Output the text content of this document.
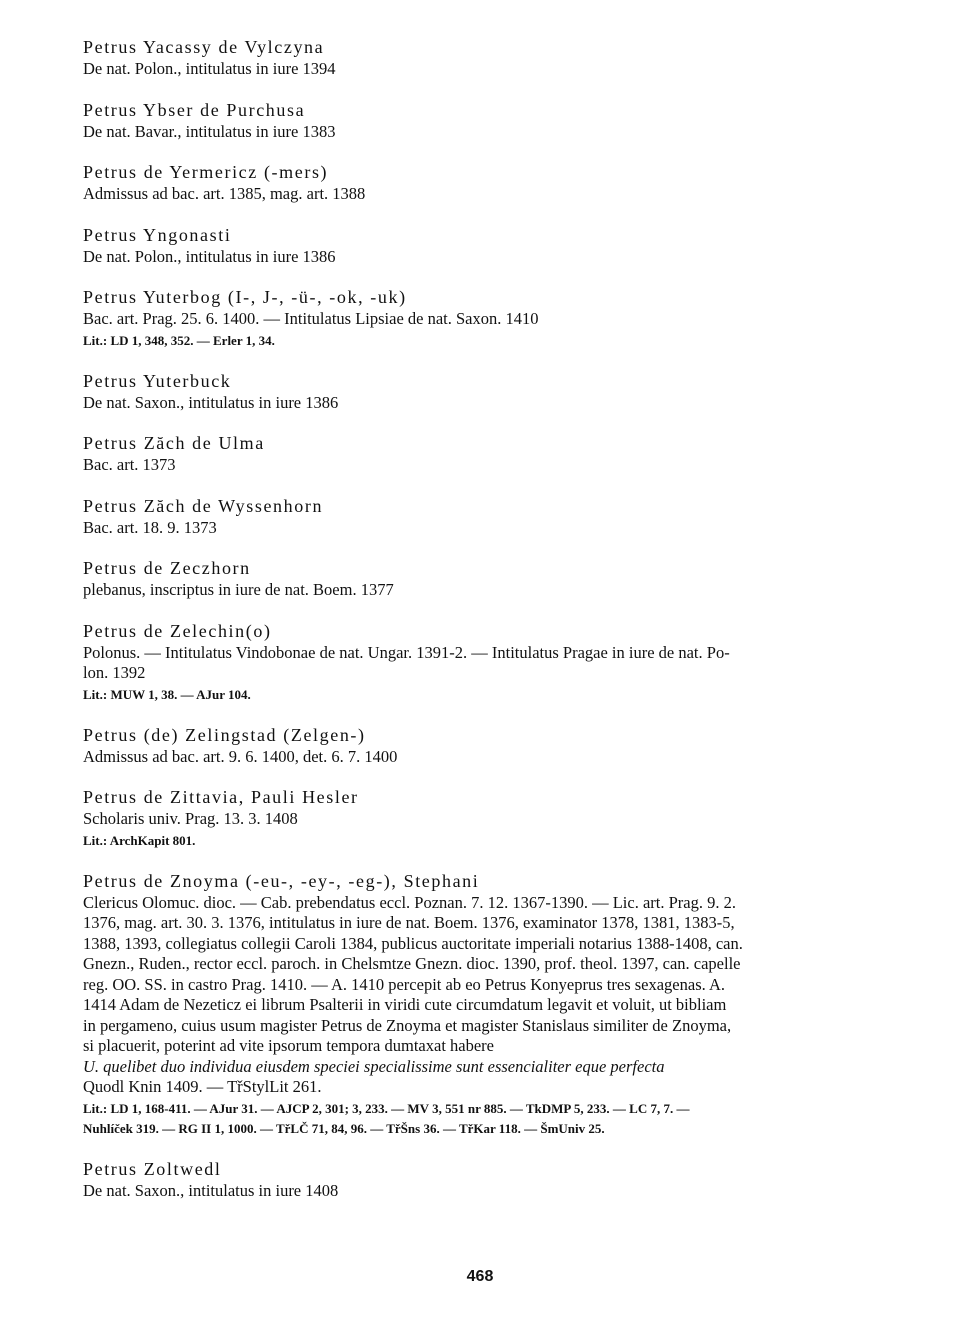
Petrus Yacassy de Vylczyna
De nat. Polon., intitulatus in iure 1394
Petrus Ybser de Purchusa
De nat. Bavar., intitulatus in iure 1383
Petrus de Yermericz (-mers)
Admissus ad bac. art. 1385, mag. art. 1388
Petrus Yngonasti
De nat. Polon., intitulatus in iure 1386
Petrus Yuterbog (I-, J-, -ü-, -ok, -uk)
Bac. art. Prag. 25. 6. 1400. — Intitulatus Lipsiae de nat. Saxon. 1410
Lit.: LD 1, 348, 352. — Erler 1, 34.
Petrus Yuterbuck
De nat. Saxon., intitulatus in iure 1386
Petrus Zăch de Ulma
Bac. art. 1373
Petrus Zăch de Wyssenhorn
Bac. art. 18. 9. 1373
Petrus de Zeczhorn
plebanus, inscriptus in iure de nat. Boem. 1377
Petrus de Zelechin(o)
Polonus. — Intitulatus Vindobonae de nat. Ungar. 1391-2. — Intitulatus Pragae in iure de nat. Po-
lon. 1392
Lit.: MUW 1, 38. — AJur 104.
Petrus (de) Zelingstad (Zelgen-)
Admissus ad bac. art. 9. 6. 1400, det. 6. 7. 1400
Petrus de Zittavia, Pauli Hesler
Scholaris univ. Prag. 13. 3. 1408
Lit.: ArchKapit 801.
Petrus de Znoyma (-eu-, -ey-, -eg-), Stephani
Clericus Olomuc. dioc. — Cab. prebendatus eccl. Poznan. 7. 12. 1367-1390. — Lic. art. Prag. 9. 2.
1376, mag. art. 30. 3. 1376, intitulatus in iure de nat. Boem. 1376, examinator 1378, 1381, 1383-5,
1388, 1393, collegiatus collegii Caroli 1384, publicus auctoritate imperiali notarius 1388-1408, can.
Gnezn., Ruden., rector eccl. paroch. in Chelsmtze Gnezn. dioc. 1390, prof. theol. 1397, can. capelle
reg. OO. SS. in castro Prag. 1410. — A. 1410 percepit ab eo Petrus Konyeprus tres sexagenas. A.
1414 Adam de Nezeticz ei librum Psalterii in viridi cute circumdatum legavit et voluit, ut bibliam
in pergameno, cuius usum magister Petrus de Znoyma et magister Stanislaus similiter de Znoyma,
si placuerit, poterint ad vite ipsorum tempora dumtaxat habere
U. quelibet duo individua eiusdem speciei specialissime sunt essencialiter eque perfecta
Quodl Knin 1409. — TřStylLit 261.
Lit.: LD 1, 168-411. — AJur 31. — AJCP 2, 301; 3, 233. — MV 3, 551 nr 885. — TkDMP 5, 233. — LC 7, 7. —
Nuhlíček 319. — RG II 1, 1000. — TřLČ 71, 84, 96. — TřŠns 36. — TřKar 118. — ŠmUniv 25.
Petrus Zoltwedl
De nat. Saxon., intitulatus in iure 1408
468
